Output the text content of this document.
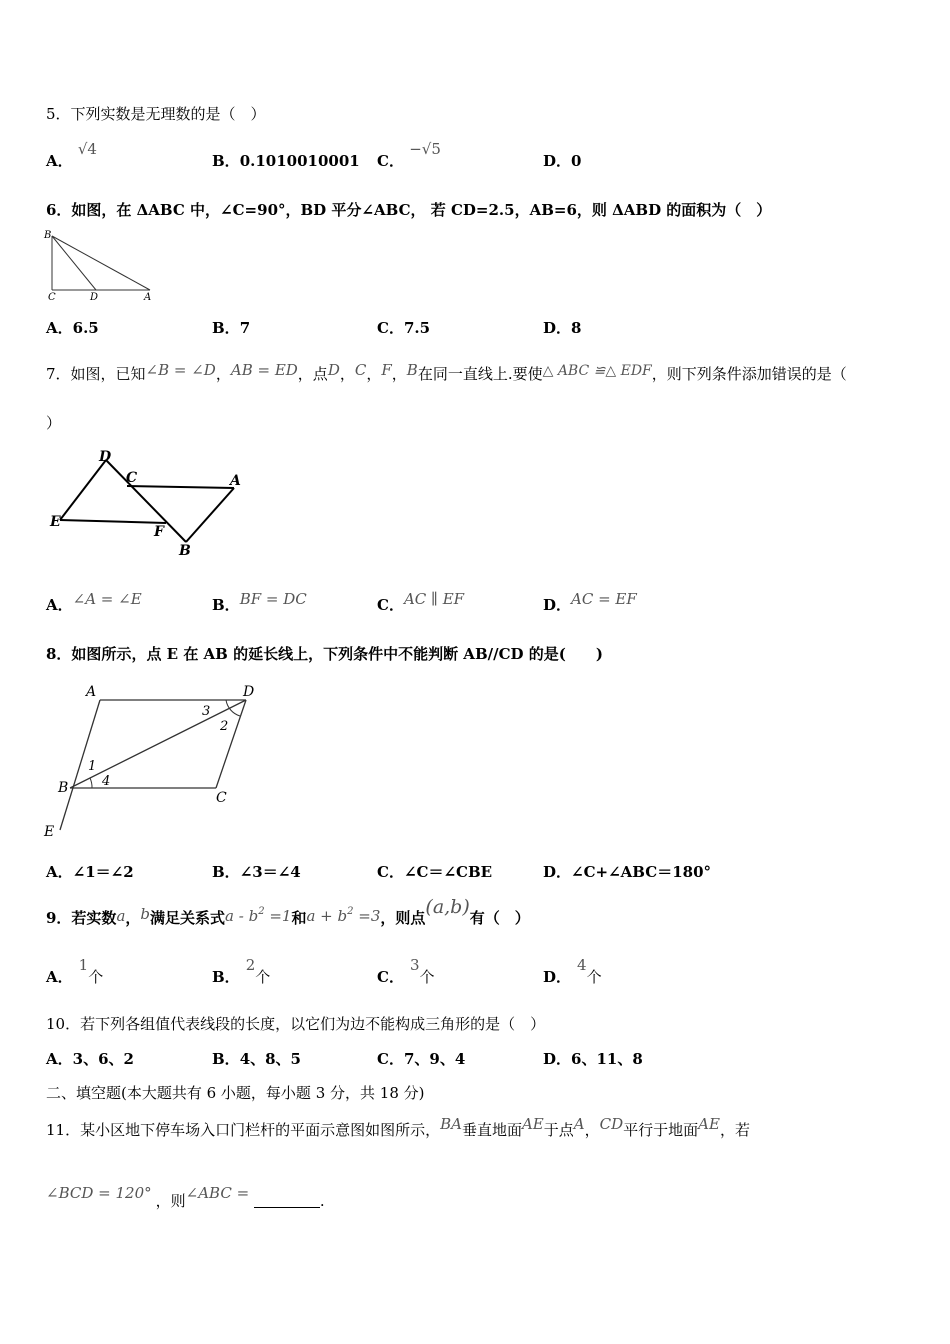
5．下列实数是无理数的是（　）
A． √4
B．0.1010010001 C． −√5
D．0
6．如图，在 ΔABC 中，∠C=90°，BD 平分∠ABC， 若 CD=2.5，AB=6，则 ΔABD 的面积为（　）
B
C	D	A
A．6.5	B．7	C．7.5	D．8
7．如图，已知∠B = ∠D，AB = ED，点D，C，F，B在同一直线上.要使△ ABC ≌△ EDF，则下列条件添加错误的是（
）
D
C	A
E
F
B
A．∠A = ∠E	B．BF = DC	C．AC ∥ EF	D．AC = EF
8．如图所示，点 E 在 AB 的延长线上，下列条件中不能判断 AB//CD 的是(　　)
A	D
B
C
E
1
4
3
2
A．∠1＝∠2	B．∠3＝∠4	C．∠C＝∠CBE	D．∠C+∠ABC＝180°
9．若实数a，b满足关系式$a - b^2 =1$和$a + b^2 =3$，则点(a,b)有（　）
A．1个	B．2个	C．3个	D．4个
10．若下列各组值代表线段的长度，以它们为边不能构成三角形的是（　）
A．3、6、2	B．4、8、5	C．7、9、4	D．6、11、8
二、填空题(本大题共有 6 小题，每小题 3 分，共 18 分)
11．某小区地下停车场入口门栏杆的平面示意图如图所示，BA垂直地面AE于点A，CD平行于地面AE，若
∠BCD = 120° ，则∠ABC =	.
